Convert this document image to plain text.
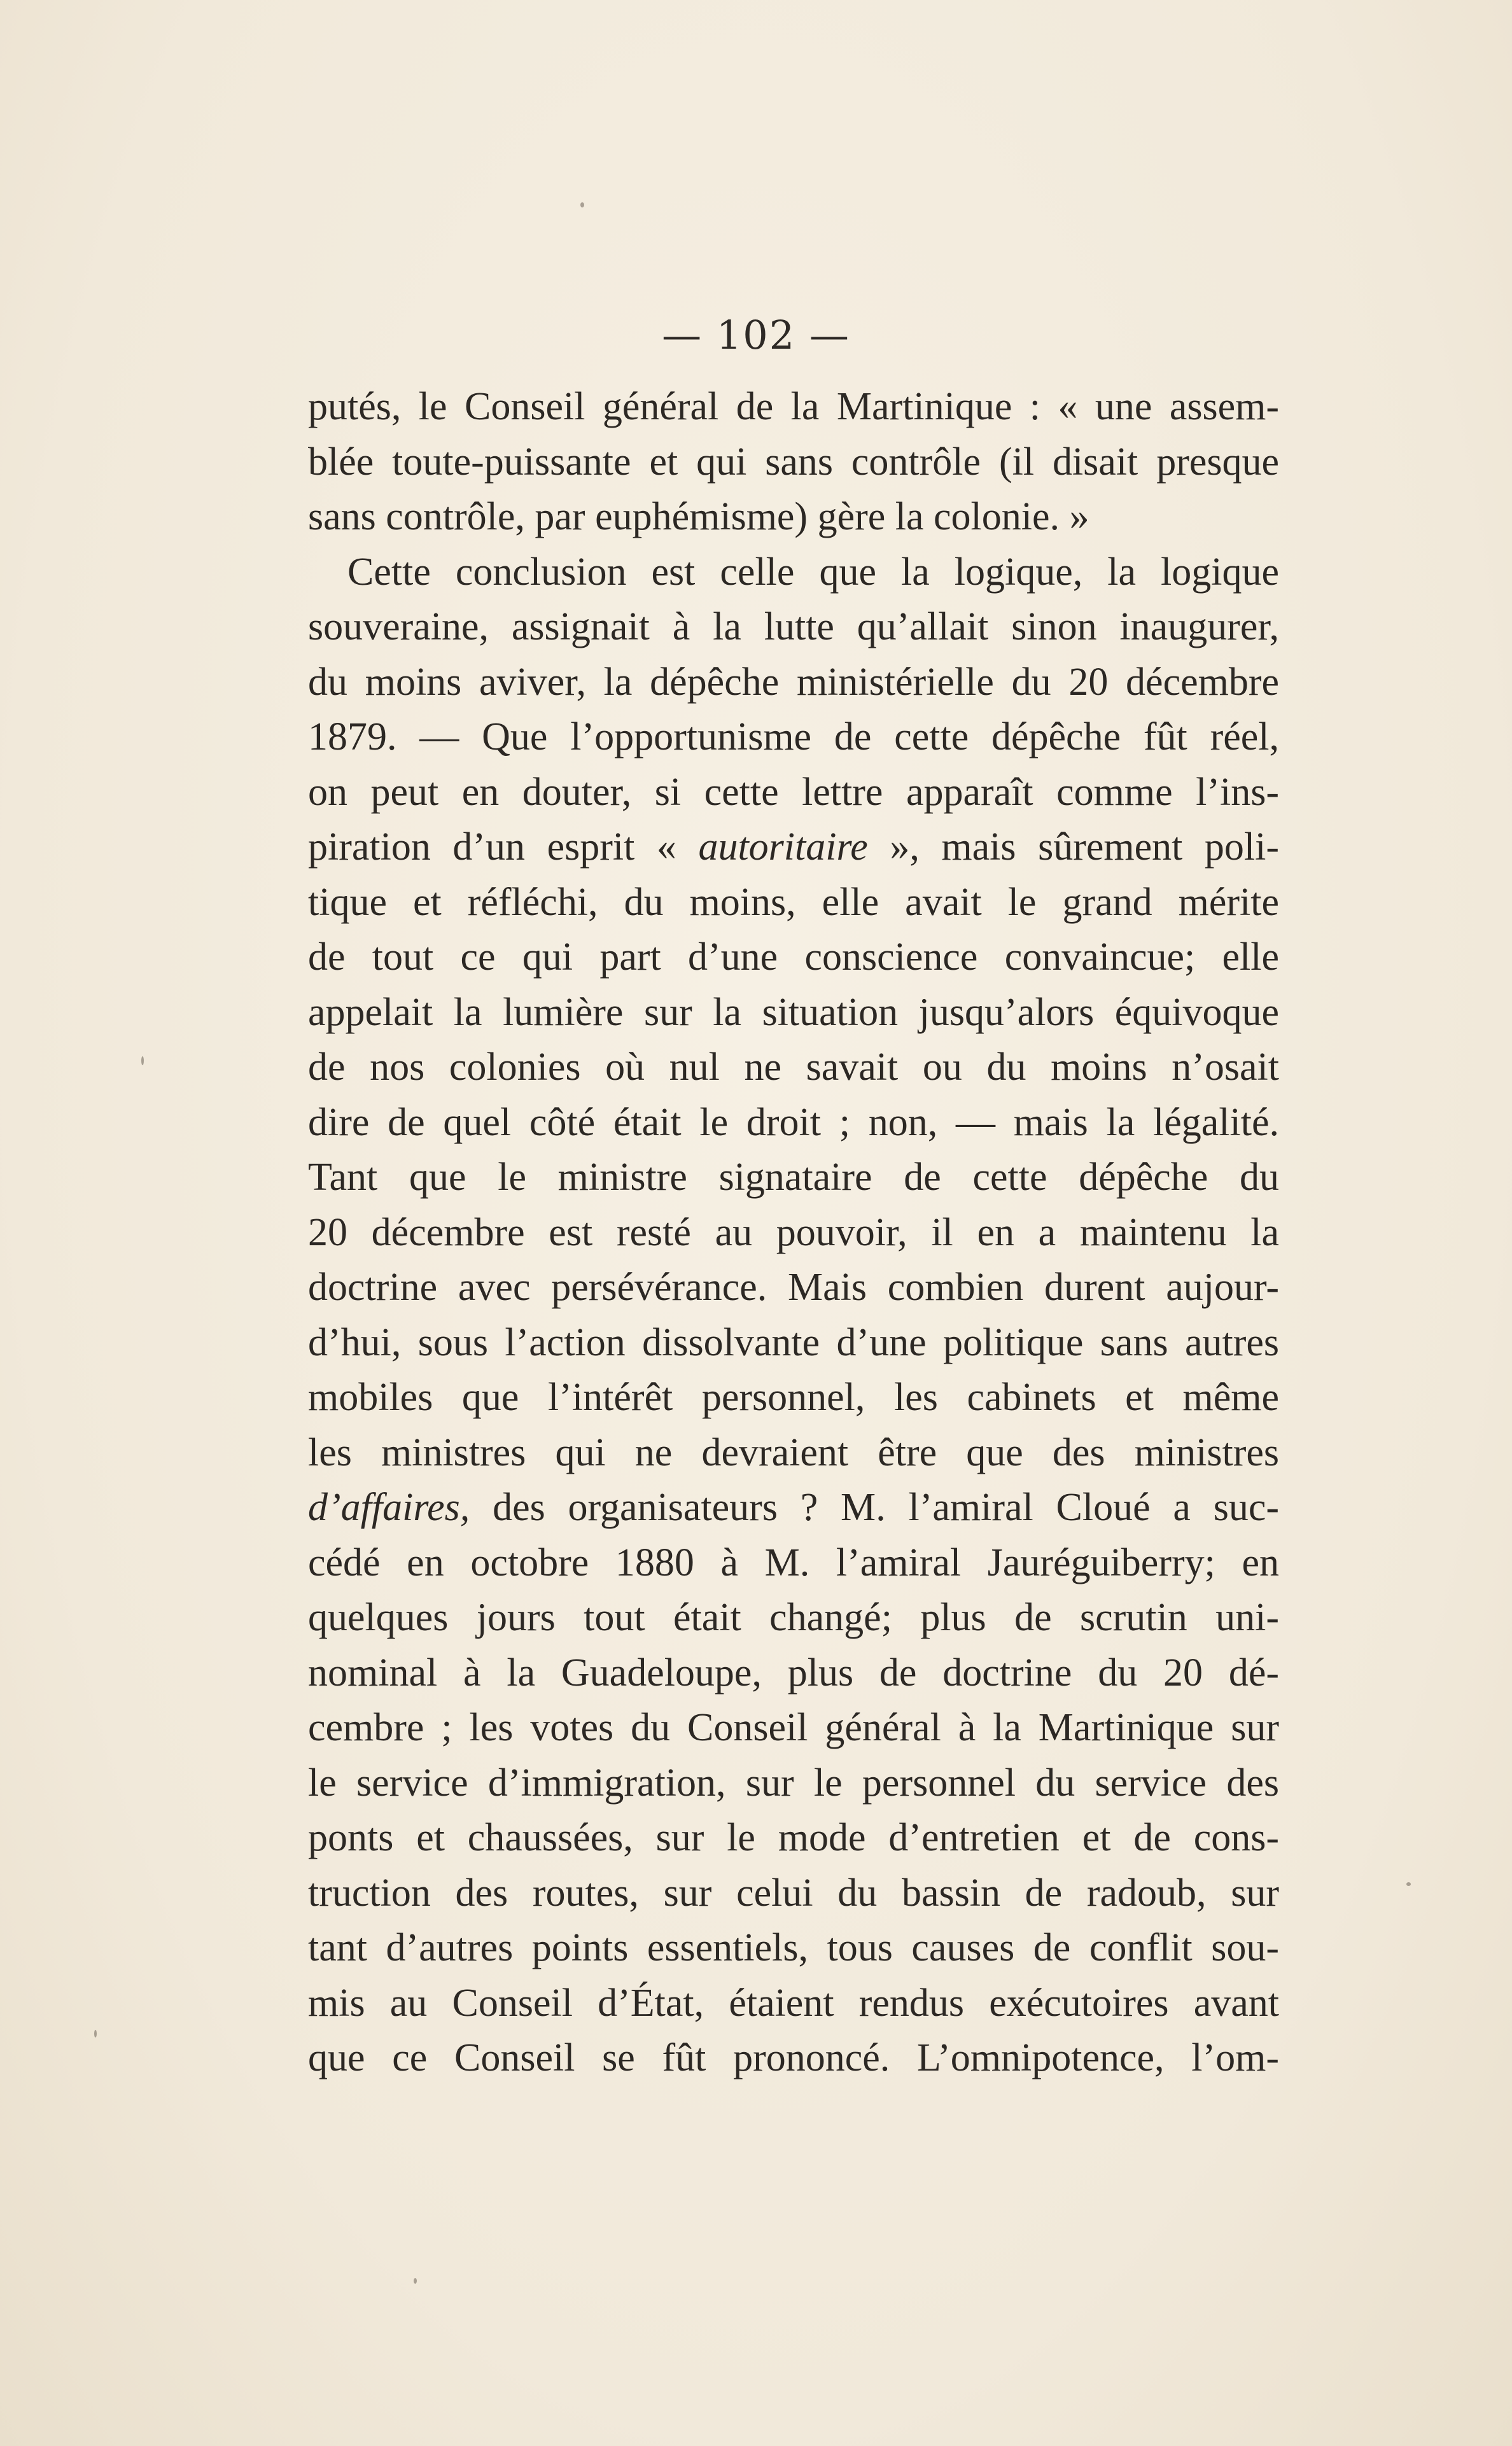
— 102 —
putés, le Conseil général de la Martinique : « une assem-
blée toute-puissante et qui sans contrôle (il disait presque
sans contrôle, par euphémisme) gère la colonie. »
Cette conclusion est celle que la logique, la logique
souveraine, assignait à la lutte qu’allait sinon inaugurer,
du moins aviver, la dépêche ministérielle du 20 décembre
1879. — Que l’opportunisme de cette dépêche fût réel,
on peut en douter, si cette lettre apparaît comme l’ins-
piration d’un esprit « autoritaire », mais sûrement poli-
tique et réfléchi, du moins, elle avait le grand mérite
de tout ce qui part d’une conscience convaincue; elle
appelait la lumière sur la situation jusqu’alors équivoque
de nos colonies où nul ne savait ou du moins n’osait
dire de quel côté était le droit ; non, — mais la légalité.
Tant que le ministre signataire de cette dépêche du
20 décembre est resté au pouvoir, il en a maintenu la
doctrine avec persévérance. Mais combien durent aujour-
d’hui, sous l’action dissolvante d’une politique sans autres
mobiles que l’intérêt personnel, les cabinets et même
les ministres qui ne devraient être que des ministres
d’affaires, des organisateurs ? M. l’amiral Cloué a suc-
cédé en octobre 1880 à M. l’amiral Jauréguiberry; en
quelques jours tout était changé; plus de scrutin uni-
nominal à la Guadeloupe, plus de doctrine du 20 dé-
cembre ; les votes du Conseil général à la Martinique sur
le service d’immigration, sur le personnel du service des
ponts et chaussées, sur le mode d’entretien et de cons-
truction des routes, sur celui du bassin de radoub, sur
tant d’autres points essentiels, tous causes de conflit sou-
mis au Conseil d’État, étaient rendus exécutoires avant
que ce Conseil se fût prononcé. L’omnipotence, l’om-
